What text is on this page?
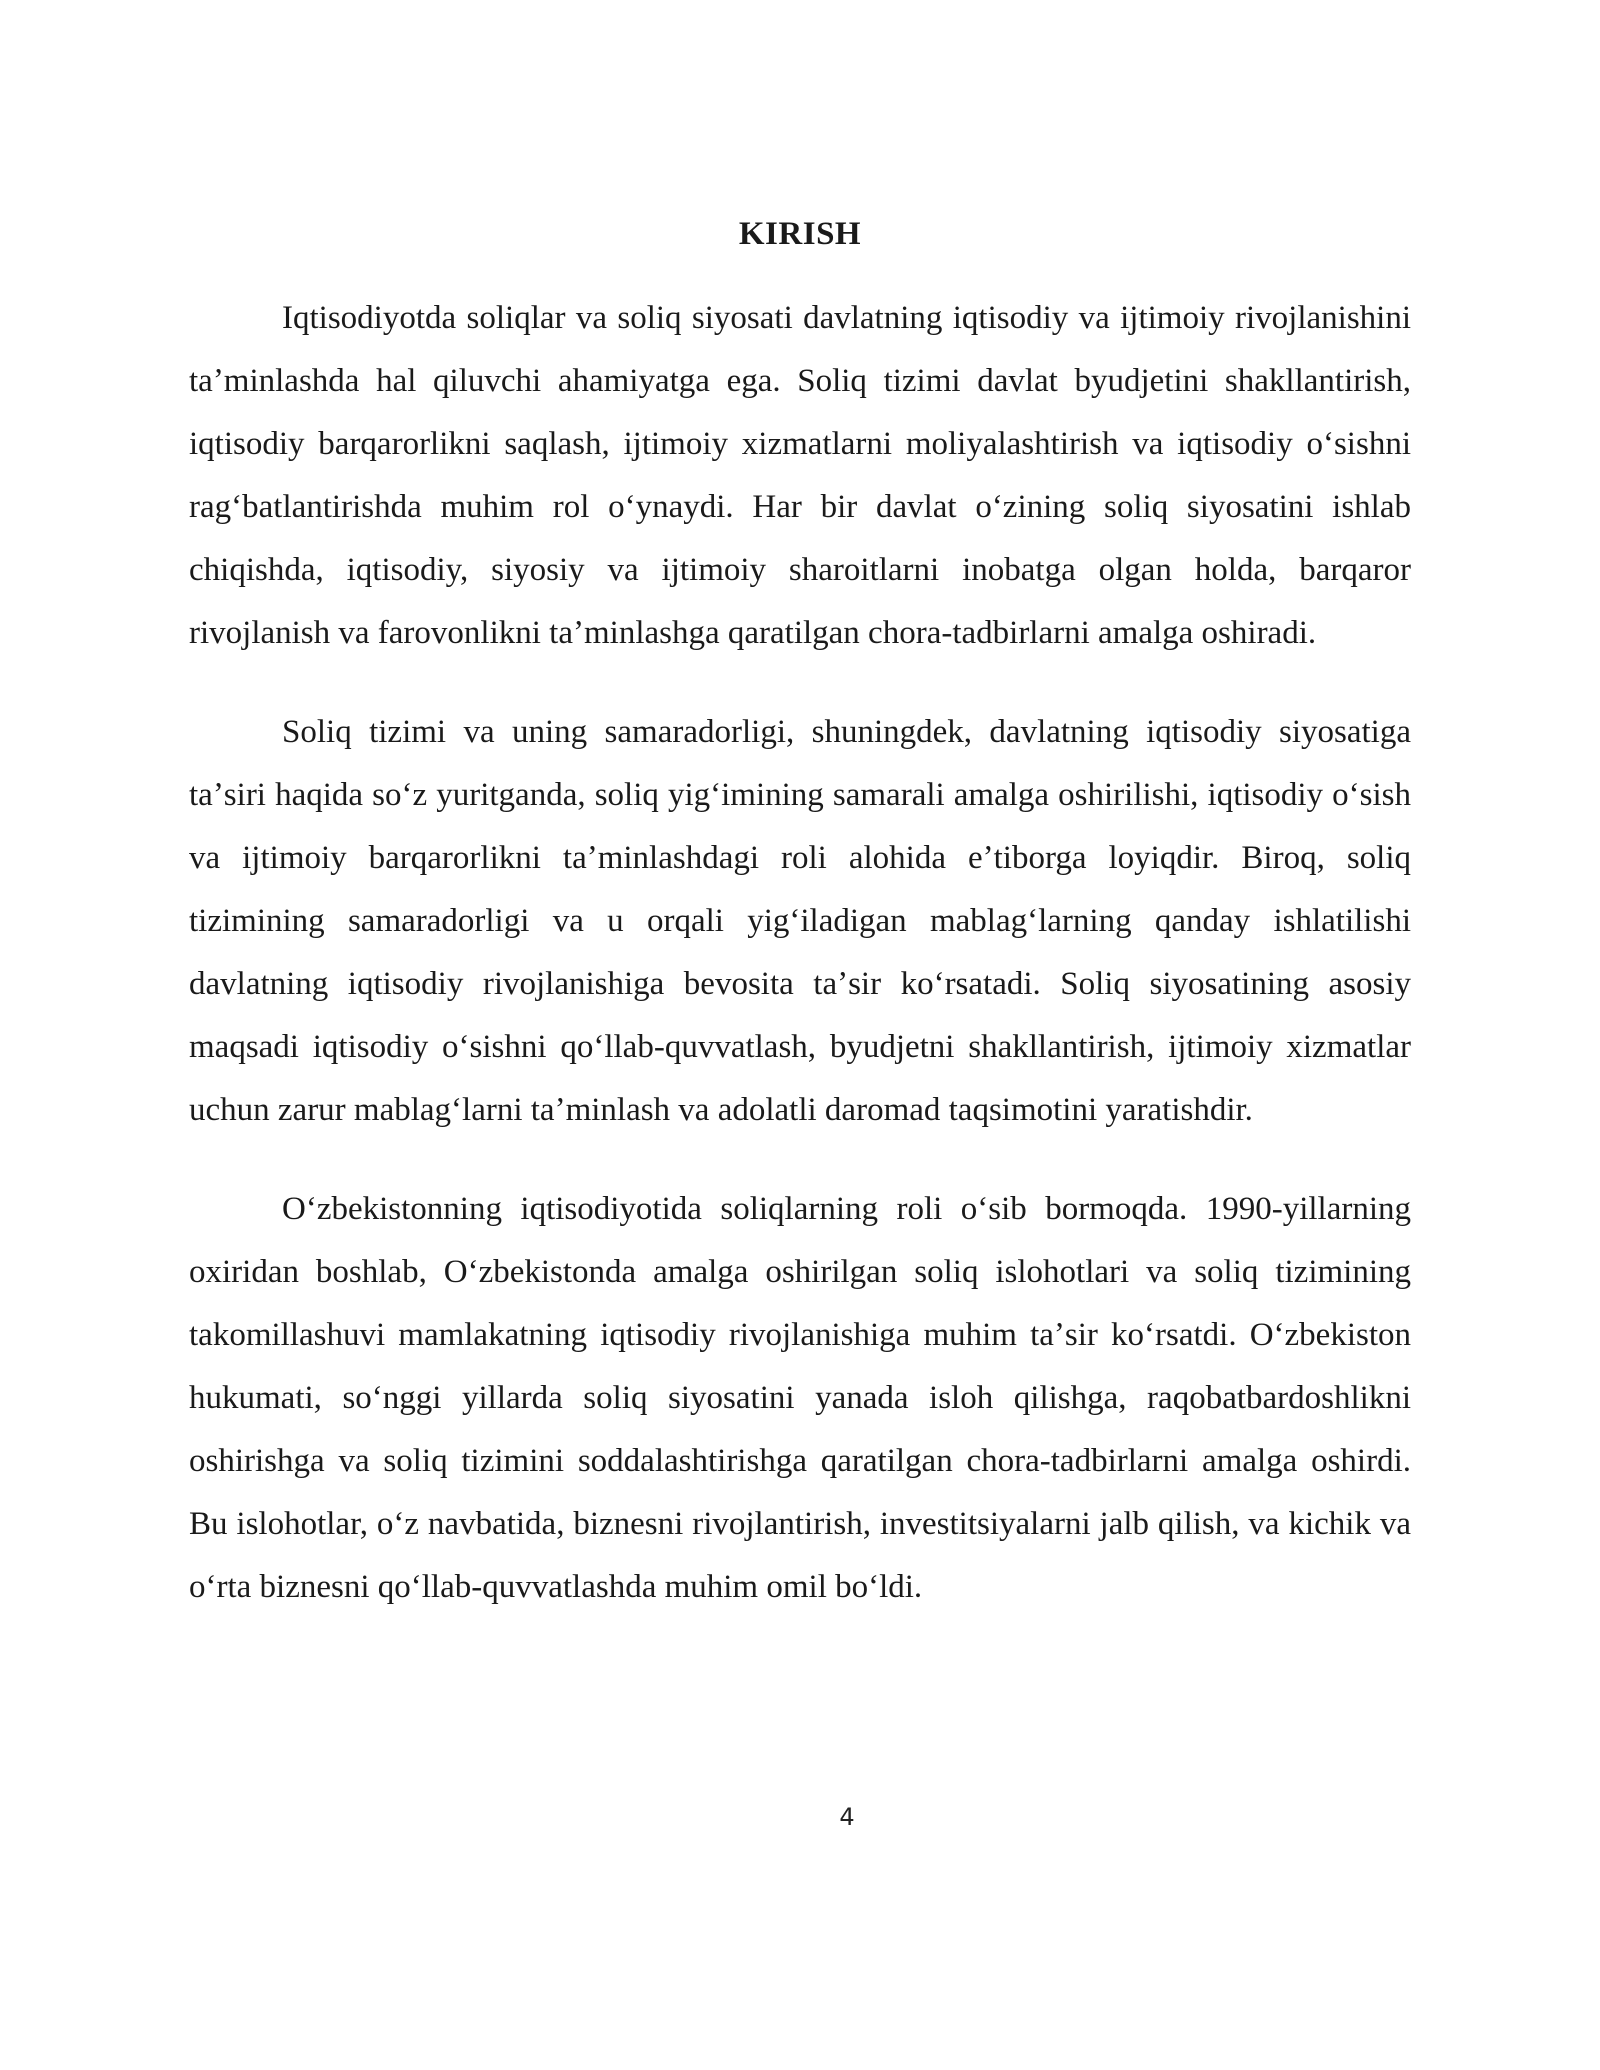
KIRISH

Iqtisodiyotda soliqlar va soliq siyosati davlatning iqtisodiy va ijtimoiy rivojlanishini taʼminlashda hal qiluvchi ahamiyatga ega. Soliq tizimi davlat byudjetini shakllantirish, iqtisodiy barqarorlikni saqlash, ijtimoiy xizmatlarni moliyalashtirish va iqtisodiy oʻsishni ragʻbatlantirishda muhim rol oʻynaydi. Har bir davlat oʻzining soliq siyosatini ishlab chiqishda, iqtisodiy, siyosiy va ijtimoiy sharoitlarni inobatga olgan holda, barqaror rivojlanish va farovonlikni taʼminlashga qaratilgan chora-tadbirlarni amalga oshiradi.

Soliq tizimi va uning samaradorligi, shuningdek, davlatning iqtisodiy siyosatiga taʼsiri haqida soʻz yuritganda, soliq yigʻimining samarali amalga oshirilishi, iqtisodiy oʻsish va ijtimoiy barqarorlikni taʼminlashdagi roli alohida eʼtiborga loyiqdir. Biroq, soliq tizimining samaradorligi va u orqali yigʻiladigan mablagʻlarning qanday ishlatilishi davlatning iqtisodiy rivojlanishiga bevosita taʼsir koʻrsatadi. Soliq siyosatining asosiy maqsadi iqtisodiy oʻsishni qoʻllab-quvvatlash, byudjetni shakllantirish, ijtimoiy xizmatlar uchun zarur mablagʻlarni taʼminlash va adolatli daromad taqsimotini yaratishdir.

Oʻzbekistonning iqtisodiyotida soliqlarning roli oʻsib bormoqda. 1990-yillarning oxiridan boshlab, Oʻzbekistonda amalga oshirilgan soliq islohotlari va soliq tizimining takomillashuvi mamlakatning iqtisodiy rivojlanishiga muhim taʼsir koʻrsatdi. Oʻzbekiston hukumati, soʻnggi yillarda soliq siyosatini yanada isloh qilishga, raqobatbardoshlikni oshirishga va soliq tizimini soddalashtirishga qaratilgan chora-tadbirlarni amalga oshirdi. Bu islohotlar, oʻz navbatida, biznesni rivojlantirish, investitsiyalarni jalb qilish, va kichik va oʻrta biznesni qoʻllab-quvvatlashda muhim omil boʻldi.

4
